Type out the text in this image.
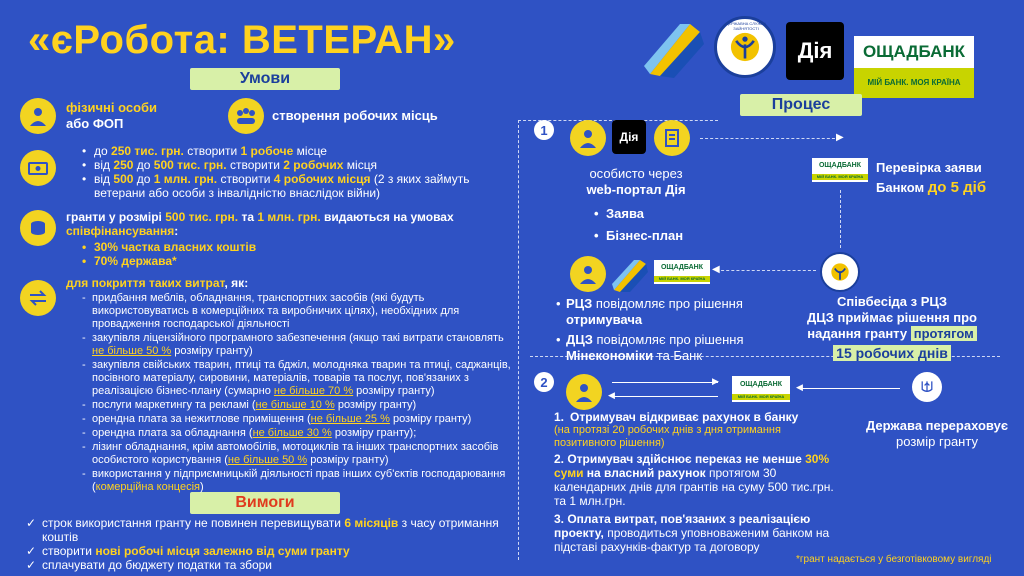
«єРобота: ВЕТЕРАН»	ДЕРЖАВНА СЛУЖБА ЗАЙНЯТОСТІ
Дія	ОЩАДБАНК
МІЙ БАНК. МОЯ КРАЇНА
Умови
Процес
Вимоги
фізичні особи
або ФОП
створення робочих місць
• до 250 тис. грн. створити 1 робоче місце
• від 250 до 500 тис. грн. створити 2 робочих місця
• від 500 до 1 млн. грн. створити 4 робочих місця (2 з яких займуть ветерани або особи з інвалідністю внаслідок війни)
гранти у розмірі 500 тис. грн. та 1 млн. грн. видаються на умовах співфінансування:
• 30% частка власних коштів
• 70% держава*
для покриття таких витрат, як:
- придбання меблів, обладнання, транспортних засобів (які будуть використовуватись в комерційних та виробничих цілях), необхідних для провадження господарської діяльності
- закупівля ліцензійного програмного забезпечення (якщо такі витрати становлять не більше 50 % розміру гранту)
- закупівля свійських тварин, птиці та бджіл, молодняка тварин та птиці, саджанців, посівного матеріалу, сировини, матеріалів, товарів та послуг, пов'язаних з реалізацією бізнес-плану (сумарно не більше 70 % розміру гранту)
- послуги маркетингу та рекламі (не більше 10 % розміру гранту)
- орендна плата за нежитлове приміщення (не більше 25 % розміру гранту)
- орендна плата за обладнання (не більше 30 % розміру гранту);
- лізинг обладнання, крім автомобілів, мотоциклів та інших транспортних засобів особистого користування (не більше 50 % розміру гранту)
- використання у підприємницькій діяльності прав інших суб'єктів господарювання (комерційна концесія)
✓ строк використання гранту не повинен перевищувати 6 місяців з часу отримання коштів
✓ створити нові робочі місця залежно від суми гранту
✓ сплачувати до бюджету податки та збори
1	Дія
особисто через
web-портал Дія
• Заява
• Бізнес-план
▶
ОЩАДБАНК
МІЙ БАНК. МОЯ КРАЇНА
Перевірка заяви
Банком до 5 діб
ОЩАДБАНК
МІЙ БАНК. МОЯ КРАЇНА
◀
• РЦЗ повідомляє про рішення
отримувача
• ДЦЗ повідомляє про рішення
Мінекономіки та Банк
Співбесіда з РЦЗ
ДЦЗ приймає рішення про надання гранту протягом
15 робочих днів
2	▶
◀
ОЩАДБАНК
МІЙ БАНК. МОЯ КРАЇНА
◀
1. Отримувач відкриває рахунок в банку
(на протязі 20 робочих днів з дня отримання позитивного рішення)
2. Отримувач здійснює переказ не менше 30% суми на власний рахунок протягом 30 календарних днів для грантів на суму 500 тис.грн. та 1 млн.грн.
3. Оплата витрат, пов'язаних з реалізацією проекту, проводиться уповноваженим банком на підставі рахунків-фактур та договору
Держава перераховує
розмір гранту
*грант надається у безготівковому вигляді
